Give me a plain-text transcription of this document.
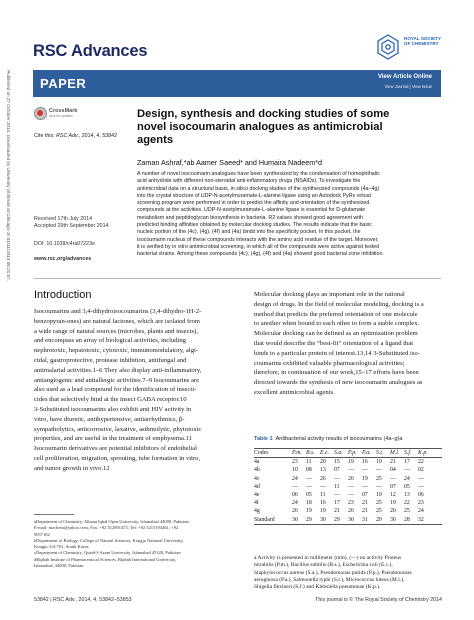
Published on 27 October 2014. Downloaded by University of Illinois at Chicago on 01/11/2014 05:21:57.
RSC Advances
ROYAL SOCIETY OF CHEMISTRY
PAPER	View Article Online
View Journal | View Issue
CrossMark
click for updates
Cite this: RSC Adv., 2014, 4, 53842
Design, synthesis and docking studies of some
novel isocoumarin analogues as antimicrobial
agents
Zaman Ashraf,*ab Aamer Saeed* and Humaira Nadeem*d
A number of novel isocoumarin analogues have been synthesized by the condensation of homophthalic
acid anhydride with different non-steroidal anti-inflammatory drugs (NSAIDs). To investigate the
antimicrobial data on a structural basis, in silico docking studies of the synthesized compounds (4a–4g)
into the crystal structure of UDP-N-acetylmuramate-L-alanine ligase using an Autodock PyRx virtual
screening program were performed in order to predict the affinity and orientation of the synthesized
compounds at the activities. UDP-N-acetylmuramate-L-alanine ligase is essential for D-glutamate
metabolism and peptidoglycan biosynthesis in bacteria. R2 values showed good agreement with
predicted binding affinities obtained by molecular docking studies. The results indicate that the basic
nucleic portion of the (4c), (4g), (4f) and (4a) binds into the specificity pocket. In this pocket, the
isocoumarin nucleus of these compounds interacts with the amino acid residue of the target. Moreover,
it is verified by in vitro antimicrobial screening, in which all of the compounds were active against tested
bacterial strains. Among these compounds (4c), (4g), (4f) and (4a) showed good bacterial zone inhibition.
Received 17th July 2014
Accepted 29th September 2014
DOI: 10.1039/c4ra07223e
www.rsc.org/advances
Introduction
Isocoumarins and 3,4-dihydroisocoumarins (3,4-dihydro-1H-2-
benzopyran-ones) are natural lactones, which are isolated from
a wide range of natural sources (microbes, plants and insects),
and encompass an array of biological activities, including
nephrotoxic, hepatotoxic, cytotoxic, immunomodulatory, algi-
cidal, gastroprotective, protease inhibition, antifungal and
antimalarial activities.1–6 They also display anti-inflammatory,
antiangiogenic and antiallergic activities.7–9 Isocoumarins are
also used as a lead compound for the identification of insecti-
cides that selectively bind at the insect GABA receptor.10
3-Substituted isocoumarins also exhibit anti HIV activity in
vitro, have diuretic, antihypertensive, antiarrhythmics, β-
sympatholytics, anticorrosive, laxative, asthmolytic, phytotoxic
properties, and are useful in the treatment of emphysema.11
Isocoumarin derivatives are potential inhibitors of endothelial
cell proliferation, migration, sprouting, tube formation in vitro,
and tumor growth in vivo.12
Molecular docking plays an important role in the rational
design of drugs. In the field of molecular modeling, docking is a
method that predicts the preferred orientation of one molecule
to another when bound to each other to form a stable complex.
Molecular docking can be defined as an optimization problem
that would describe the “best-fit” orientation of a ligand that
binds to a particular protein of interest.13,14 3-Substituted iso-
coumarins exhibited valuable pharmacological activities;
therefore, in continuation of our work,15–17 efforts have been
directed towards the synthesis of new isocoumarin analogues as
excellent antimicrobial agents.
aDepartment of Chemistry, Allama Iqbal Open University, Islamabad 44000, Pakistan.
E-mail: mzchem@yahoo.com; Fax: +92 512891473; Tel: +92 5215194461; +92
9057182
bDepartment of Biology, College of Natural Sciences, Kongju National University,
Kongju 314-701, South Korea
cDepartment of Chemistry, Quaid-I-Azam University, Islamabad 45320, Pakistan
dRiphah Institute of Pharmaceutical Sciences, Riphah International University,
Islamabad, 44000, Pakistan
Table 1 Antibacterial activity results of isocoumarins (4a–g)a
Codes	P.m. B.s. E.c. S.a. P.p. P.a. S.t. M.l. S.f. K.p.
4a	23 11 20 15 19 16 19 21 17 22
4b	10 08 13 07 — — — 04 — 02
4c	24 — 26 — 26 19 25 — 24 —
4d	— — — 11 — — — 07 05 —
4e	06 05 11 — — 07 10 12 13 06
4f	24 18 16 17 23 21 25 19 22 23
4g	26 19 19 21 26 21 25 20 25 24
Standard	30 29 30 29 30 31 29 30 28 32
a Activity is presented in millimeter (mm), (—) no activity Proteus
mirabilis (P.m.), Bacillus subtilis (B.s.), Escherichia coli (E.c.),
Staphylococcus aureus (S.a.), Pseudomonas putida (P.p.), Pseudomonas
aeruginosa (P.a.), Salmonella typhi (S.t.), Micrococcus luteus (M.l.),
Shigella flexineri (S.f.) and Klebsiella pneumonae (K.p.).
53842 | RSC Adv., 2014, 4, 53842–53853	This journal is © The Royal Society of Chemistry 2014
